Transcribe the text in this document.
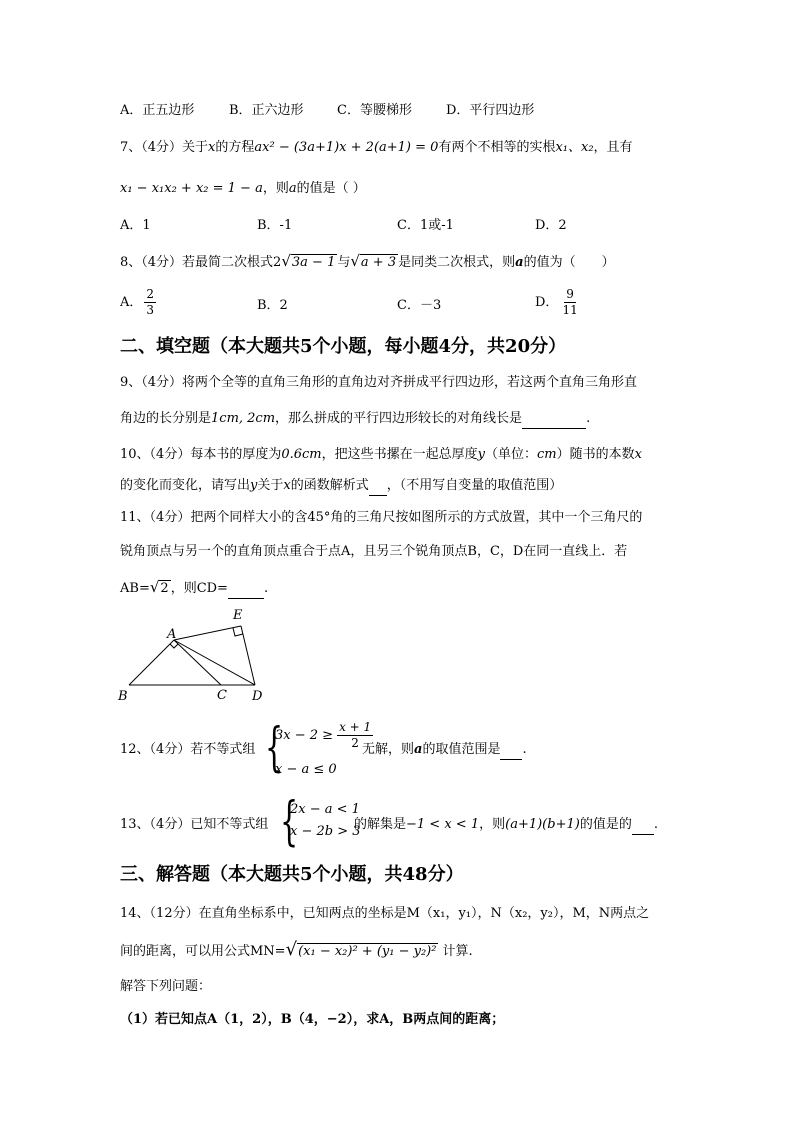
A．正五边形	B．正六边形	C．等腰梯形	D．平行四边形
7、（4分）关于x的方程ax² − (3a+1)x + 2(a+1) = 0有两个不相等的实根x₁、x₂，且有
x₁ − x₁x₂ + x₂ = 1 − a，则a的值是（ ）
A．1	B．-1	C．1或-1	D．2
8、（4分）若最简二次根式2√3a − 1 与√a + 3 是同类二次根式，则a的值为（　　）
A． $\frac{2}{3}$	B．2	C．－3	D． $\frac{9}{11}$
二、填空题（本大题共5个小题，每小题4分，共20分）
9、（4分）将两个全等的直角三角形的直角边对齐拼成平行四边形，若这两个直角三角形直
角边的长分别是1cm, 2cm，那么拼成的平行四边形较长的对角线长是	.
10、（4分）每本书的厚度为0.6cm，把这些书摞在一起总厚度y（单位：cm）随书的本数x
的变化而变化，请写出y关于x的函数解析式 ，（不用写自变量的取值范围）
11、（4分）把两个同样大小的含45°角的三角尺按如图所示的方式放置，其中一个三角尺的
锐角顶点与另一个的直角顶点重合于点A，且另三个锐角顶点B，C，D在同一直线上．若
AB=√2 ，则CD=	.
A
B	C D
E
12、（4分）若不等式组 {
$3x - 2 \ge \frac{x + 1}{2}$
x − a ≤ 0
无解，则a的取值范围是 .
13、（4分）已知不等式组 {
2x − a < 1
x − 2b > 3
的解集是−1 < x < 1，则(a+1)(b+1)的值是的 .
三、解答题（本大题共5个小题，共48分）
14、（12分）在直角坐标系中，已知两点的坐标是M（x₁，y₁），N（x₂，y₂），M，N两点之
间的距离，可以用公式MN=√(x₁ − x₂)² + (y₁ − y₂)² 计算.
解答下列问题：
（1）若已知点A（1，2），B（4，−2），求A，B两点间的距离；
